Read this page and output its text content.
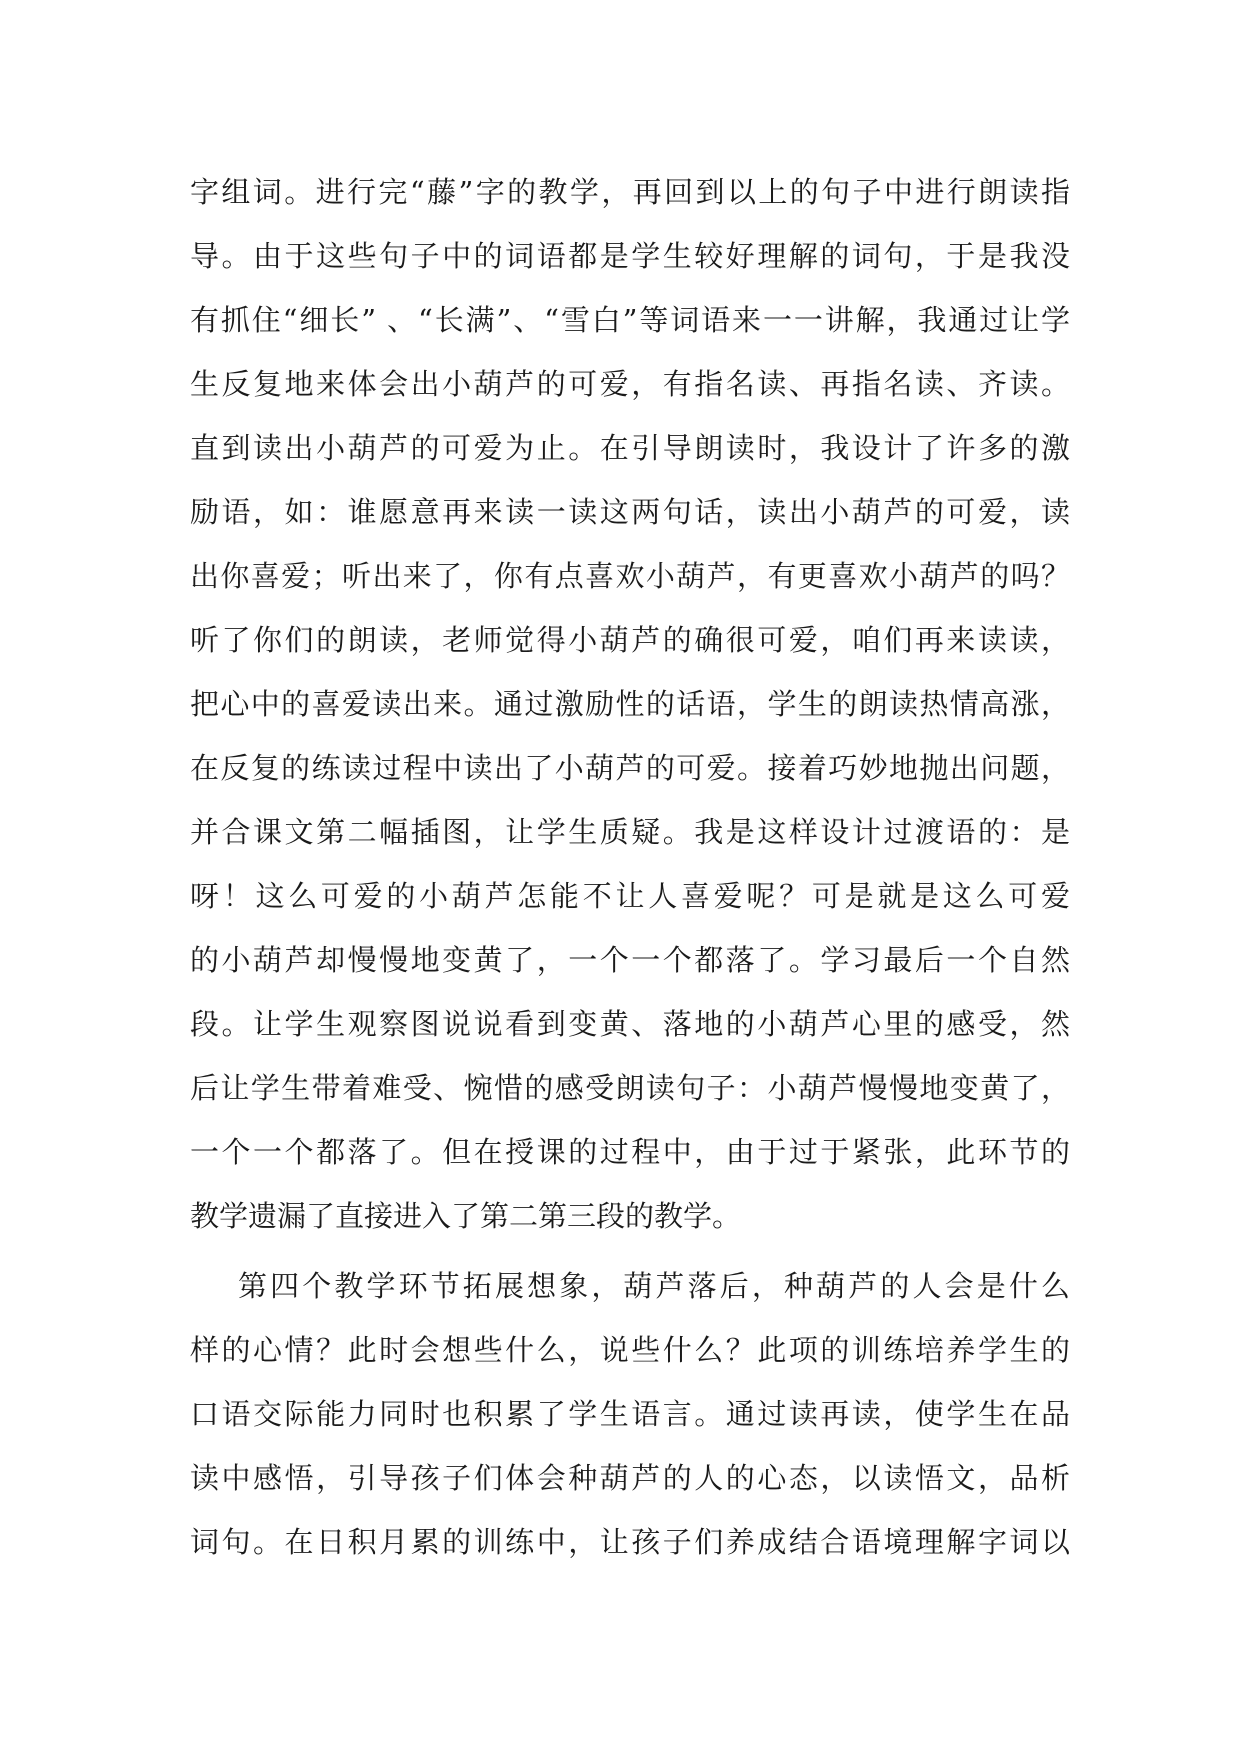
字组词。进行完“藤”字的教学，再回到以上的句子中进行朗读指
导。由于这些句子中的词语都是学生较好理解的词句，于是我没
有抓住“细长” 、“长满”、“雪白”等词语来一一讲解，我通过让学
生反复地来体会出小葫芦的可爱，有指名读、再指名读、齐读。
直到读出小葫芦的可爱为止。在引导朗读时，我设计了许多的激
励语，如：谁愿意再来读一读这两句话，读出小葫芦的可爱，读
出你喜爱；听出来了，你有点喜欢小葫芦，有更喜欢小葫芦的吗？
听了你们的朗读，老师觉得小葫芦的确很可爱，咱们再来读读，
把心中的喜爱读出来。通过激励性的话语，学生的朗读热情高涨，
在反复的练读过程中读出了小葫芦的可爱。接着巧妙地抛出问题，
并合课文第二幅插图，让学生质疑。我是这样设计过渡语的：是
呀！这么可爱的小葫芦怎能不让人喜爱呢？可是就是这么可爱
的小葫芦却慢慢地变黄了，一个一个都落了。学习最后一个自然
段。让学生观察图说说看到变黄、落地的小葫芦心里的感受，然
后让学生带着难受、惋惜的感受朗读句子：小葫芦慢慢地变黄了，
一个一个都落了。但在授课的过程中，由于过于紧张，此环节的
教学遗漏了直接进入了第二第三段的教学。
第四个教学环节拓展想象，葫芦落后，种葫芦的人会是什么
样的心情？此时会想些什么，说些什么？此项的训练培养学生的
口语交际能力同时也积累了学生语言。通过读再读，使学生在品
读中感悟，引导孩子们体会种葫芦的人的心态，以读悟文，品析
词句。在日积月累的训练中，让孩子们养成结合语境理解字词以
